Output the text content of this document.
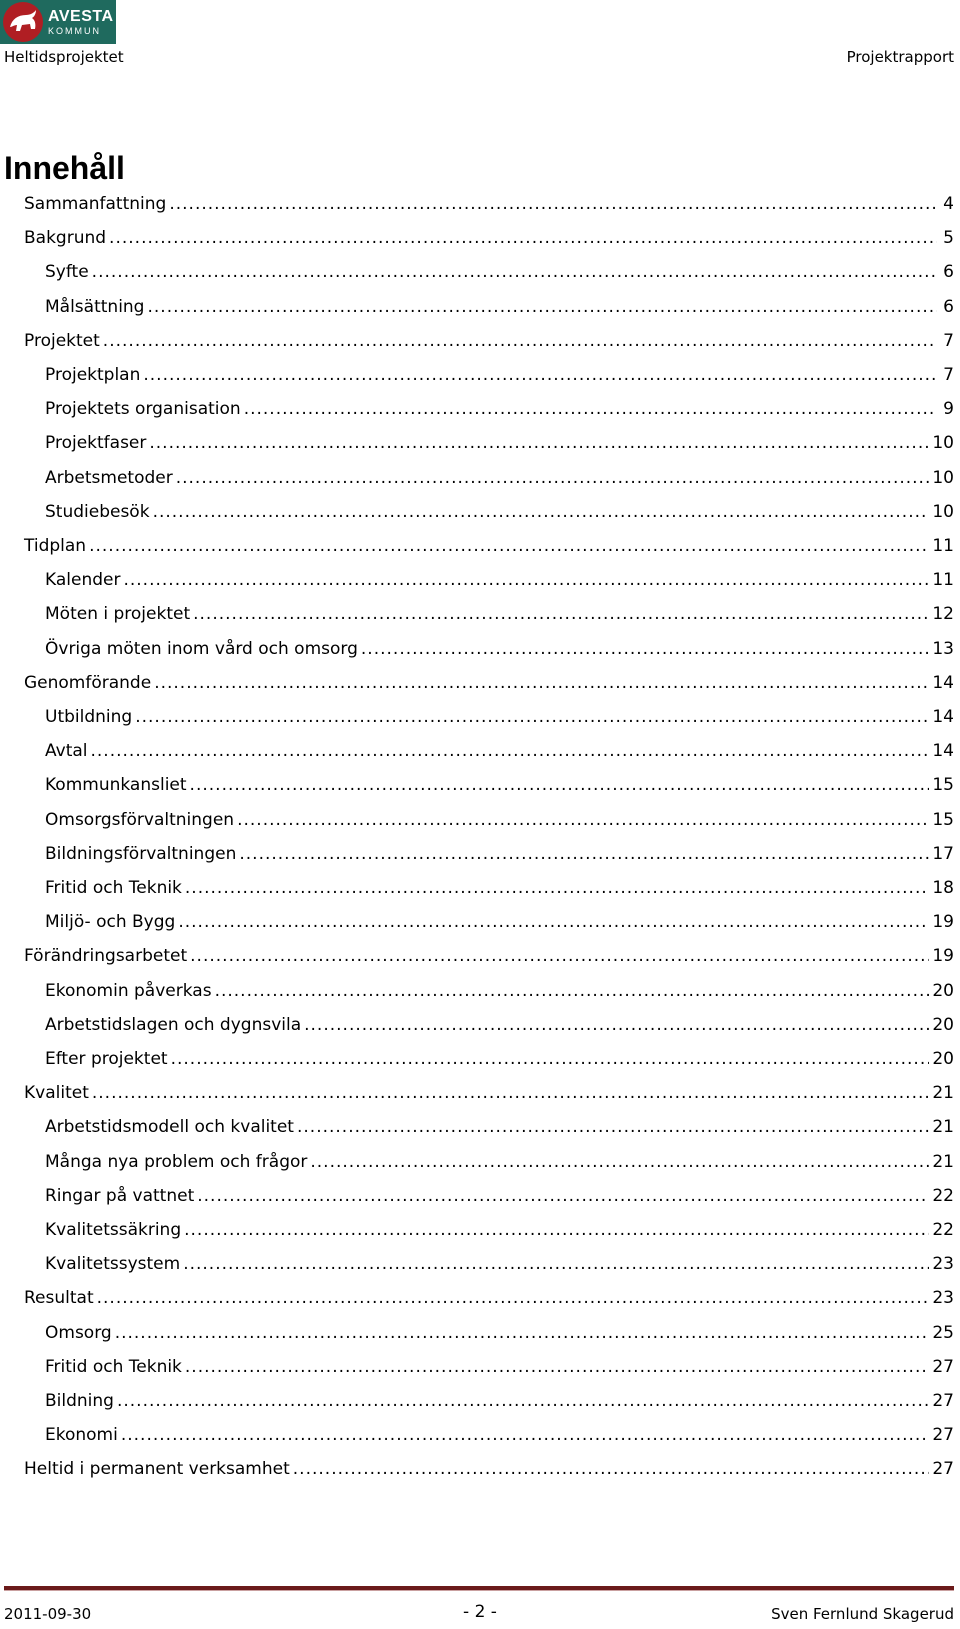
AVESTA
KOMMUN
Heltidsprojektet	Projektrapport
Innehåll
Sammanfattning .....	4
Bakgrund .....	5
Syfte .....	6
Målsättning .....	6
Projektet .....	7
Projektplan .....	7
Projektets organisation .....	9
Projektfaser .....	10
Arbetsmetoder .....	10
Studiebesök .....	10
Tidplan .....	11
Kalender .....	11
Möten i projektet .....	12
Övriga möten inom vård och omsorg .....	13
Genomförande .....	14
Utbildning .....	14
Avtal .....	14
Kommunkansliet .....	15
Omsorgsförvaltningen .....	15
Bildningsförvaltningen .....	17
Fritid och Teknik .....	18
Miljö- och Bygg .....	19
Förändringsarbetet .....	19
Ekonomin påverkas .....	20
Arbetstidslagen och dygnsvila .....	20
Efter projektet .....	20
Kvalitet .....	21
Arbetstidsmodell och kvalitet .....	21
Många nya problem och frågor .....	21
Ringar på vattnet .....	22
Kvalitetssäkring .....	22
Kvalitetssystem .....	23
Resultat .....	23
Omsorg .....	25
Fritid och Teknik .....	27
Bildning .....	27
Ekonomi .....	27
Heltid i permanent verksamhet .....	27
2011-09-30	- 2 -	Sven Fernlund Skagerud
